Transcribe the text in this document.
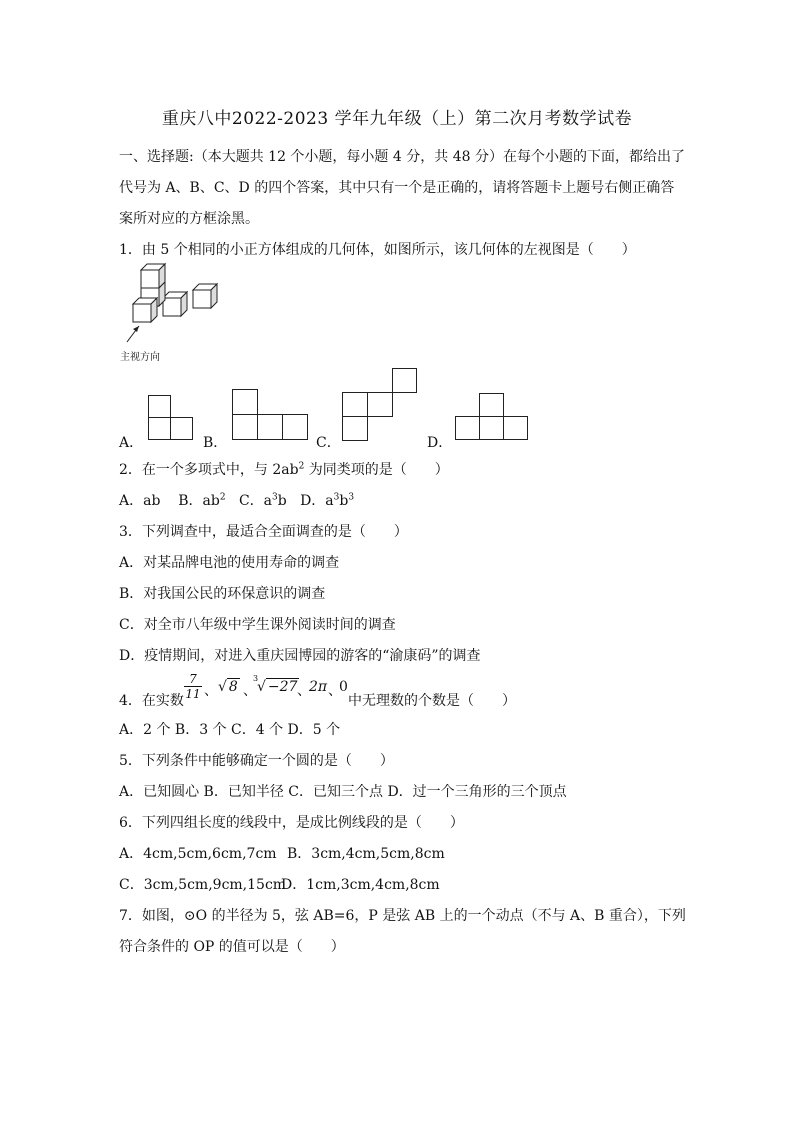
重庆八中2022-2023 学年九年级（上）第二次月考数学试卷
一、选择题:（本大题共 12 个小题，每小题 4 分，共 48 分）在每个小题的下面，都给出了
代号为 A、B、C、D 的四个答案，其中只有一个是正确的，请将答题卡上题号右侧正确答
案所对应的方框涂黑。
1．由 5 个相同的小正方体组成的几何体，如图所示，该几何体的左视图是（　　）
主视方向
A．	B．	C．	D．
2．在一个多项式中，与 $2ab^2$ 为同类项的是（　　）
A．ab B．$ab^2$ C．$a^3b$ D．$a^3b^3$
3．下列调查中，最适合全面调查的是（　　）
A．对某品牌电池的使用寿命的调查
B．对我国公民的环保意识的调查
C．对全市八年级中学生课外阅读时间的调查
D．疫情期间，对进入重庆园博园的游客的“渝康码”的调查
4．在实数 $\frac{7}{11}$ 、 √ 8 、
3
√ −27 、
2π 、
0
中无理数的个数是（　　）
A．2 个 B．3 个 C．4 个 D．5 个
5．下列条件中能够确定一个圆的是（　　）
A．已知圆心 B．已知半径 C．已知三个点 D．过一个三角形的三个顶点
6．下列四组长度的线段中，是成比例线段的是（　　）
A．4cm,5cm,6cm,7cm B．3cm,4cm,5cm,8cm
C．3cm,5cm,9cm,15cm
D．1cm,3cm,4cm,8cm
7．如图，⊙O 的半径为 5，弦 AB=6，P 是弦 AB 上的一个动点（不与 A、B 重合），下列
符合条件的 OP 的值可以是（　　）
